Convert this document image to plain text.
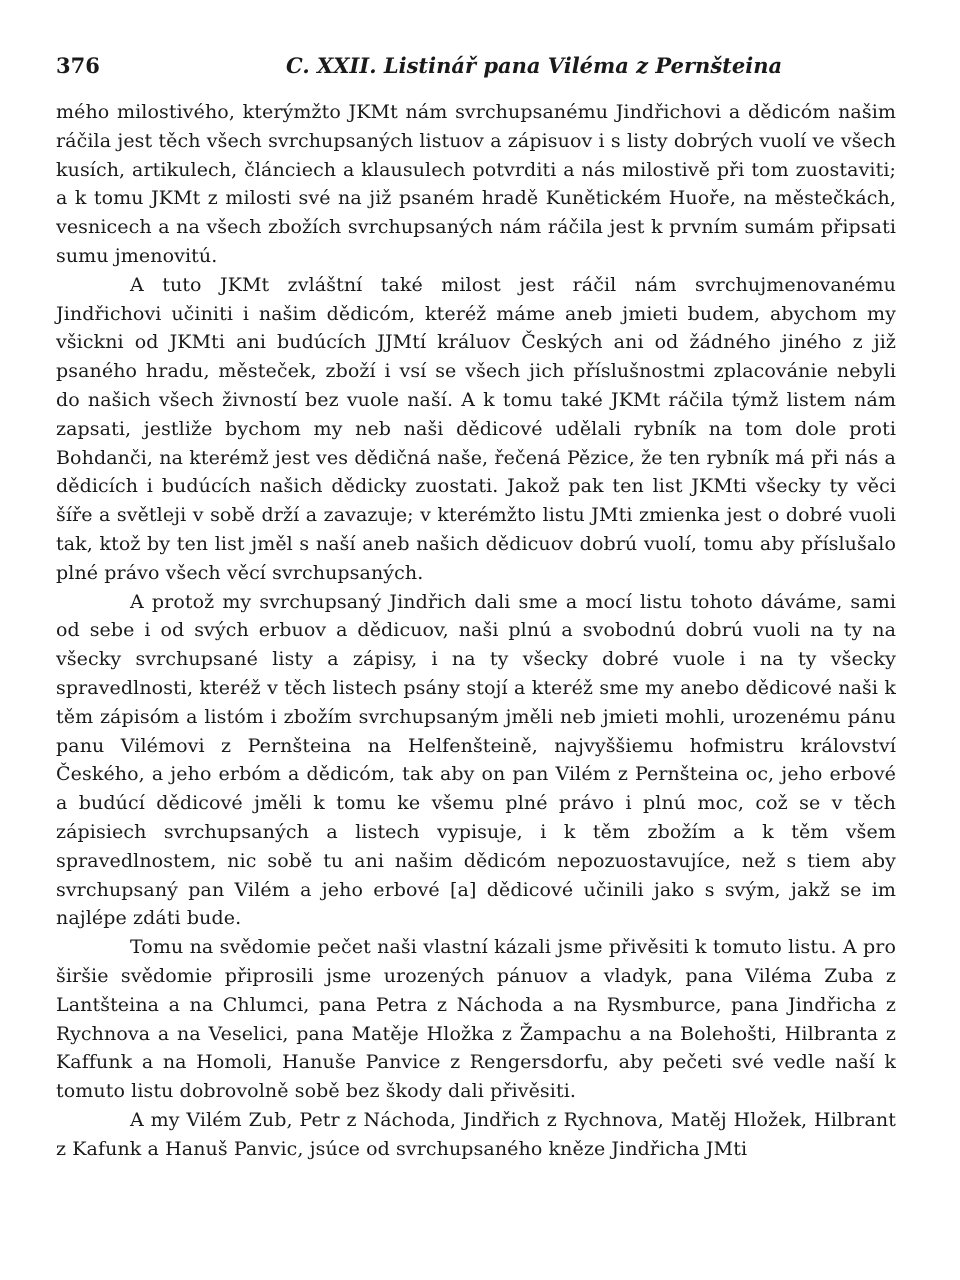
376	C. XXII. Listinář pana Viléma z Pernšteina

mého milostivého, kterýmžto JKMt nám svrchupsanému Jindřichovi a dědicóm našim ráčila jest těch všech svrchupsaných listuov a zápisuov i s listy dobrých vuolí ve všech kusích, artikulech, článciech a klausulech potvrditi a nás milostivě při tom zuostaviti; a k tomu JKMt z milosti své na již psaném hradě Kunětickém Huoře, na městečkách, vesnicech a na všech zbožích svrchupsaných nám ráčila jest k prvním sumám připsati sumu jmenovitú.

A tuto JKMt zvláštní také milost jest ráčil nám svrchujmenovanému Jindřichovi učiniti i našim dědicóm, kteréž máme aneb jmieti budem, abychom my všickni od JKMti ani budúcích JJMtí králuov Českých ani od žádného jiného z již psaného hradu, městeček, zboží i vsí se všech jich příslušnostmi zplacovánie nebyli do našich všech živností bez vuole naší. A k tomu také JKMt ráčila týmž listem nám zapsati, jestliže bychom my neb naši dědicové udělali rybník na tom dole proti Bohdanči, na kterémž jest ves dědičná naše, řečená Pězice, že ten rybník má při nás a dědicích i budúcích našich dědicky zuostati. Jakož pak ten list JKMti všecky ty věci šíře a světleji v sobě drží a zavazuje; v kterémžto listu JMti zmienka jest o dobré vuoli tak, ktož by ten list jměl s naší aneb našich dědicuov dobrú vuolí, tomu aby příslušalo plné právo všech věcí svrchupsaných.

A protož my svrchupsaný Jindřich dali sme a mocí listu tohoto dáváme, sami od sebe i od svých erbuov a dědicuov, naši plnú a svobodnú dobrú vuoli na ty na všecky svrchupsané listy a zápisy, i na ty všecky dobré vuole i na ty všecky spravedlnosti, kteréž v těch listech psány stojí a kteréž sme my anebo dědicové naši k těm zápisóm a listóm i zbožím svrchupsaným jměli neb jmieti mohli, urozenému pánu panu Vilémovi z Pernšteina na Helfenšteině, najvyššiemu hofmistru království Českého, a jeho erbóm a dědicóm, tak aby on pan Vilém z Pernšteina oc, jeho erbové a budúcí dědicové jměli k tomu ke všemu plné právo i plnú moc, což se v těch zápisiech svrchupsaných a listech vypisuje, i k těm zbožím a k těm všem spravedlnostem, nic sobě tu ani našim dědicóm nepozuostavujíce, než s tiem aby svrchupsaný pan Vilém a jeho erbové [a] dědicové učinili jako s svým, jakž se im najlépe zdáti bude.

Tomu na svědomie pečet naši vlastní kázali jsme přivěsiti k tomuto listu. A pro širšie svědomie připrosili jsme urozených pánuov a vladyk, pana Viléma Zuba z Lantšteina a na Chlumci, pana Petra z Náchoda a na Rysmburce, pana Jindřicha z Rychnova a na Veselici, pana Matěje Hložka z Žampachu a na Bolehošti, Hilbranta z Kaffunk a na Homoli, Hanuše Panvice z Rengersdorfu, aby pečeti své vedle naší k tomuto listu dobrovolně sobě bez škody dali přivěsiti.

A my Vilém Zub, Petr z Náchoda, Jindřich z Rychnova, Matěj Hložek, Hilbrant z Kafunk a Hanuš Panvic, jsúce od svrchupsaného kněze Jindřicha JMti
